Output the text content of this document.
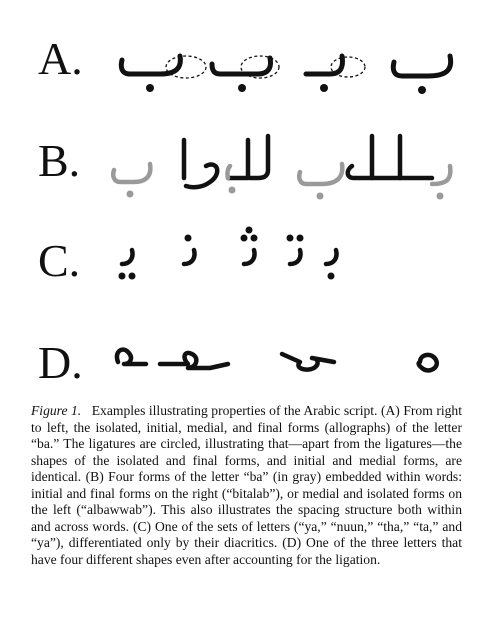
A.
B.
C.
D.
Figure 1. Examples illustrating properties of the Arabic script. (A) From right to left, the isolated, initial, medial, and final forms (allographs) of the letter “ba.” The ligatures are circled, illustrating that—apart from the ligatures—the shapes of the isolated and final forms, and initial and medial forms, are identical. (B) Four forms of the letter “ba” (in gray) embedded within words: initial and final forms on the right (“bitalab”), or medial and isolated forms on the left (“albawwab”). This also illustrates the spacing structure both within and across words. (C) One of the sets of letters (“ya,” “nuun,” “tha,” “ta,” and “ya”), differentiated only by their diacritics. (D) One of the three letters that have four different shapes even after accounting for the ligation.
